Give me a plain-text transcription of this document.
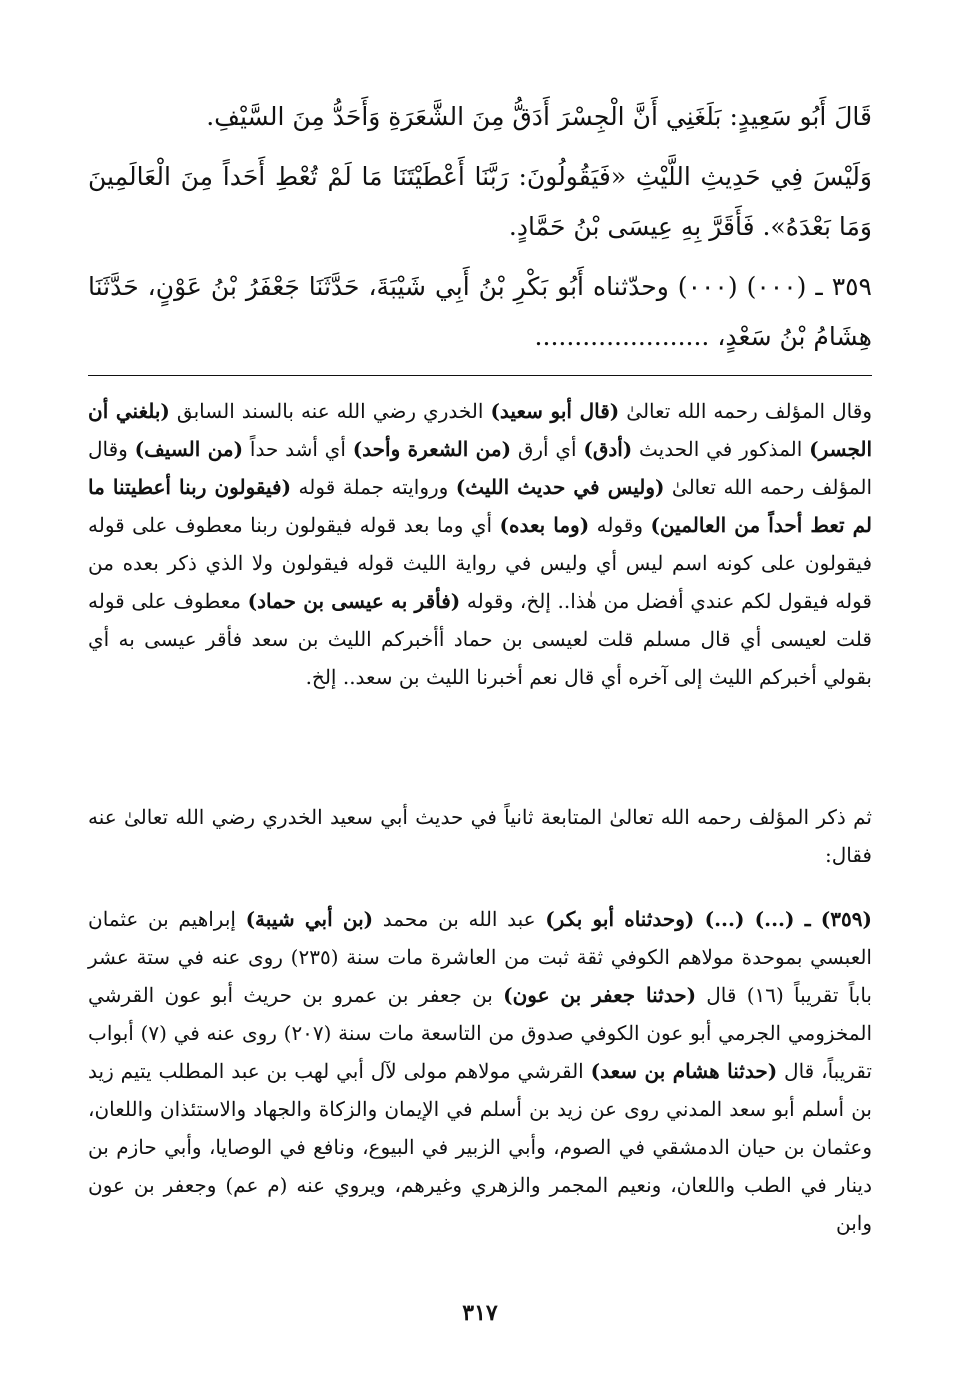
قَالَ أَبُو سَعِيدٍ: بَلَغَنِي أَنَّ الْجِسْرَ أَدَقُّ مِنَ الشَّعَرَةِ وَأَحَدُّ مِنَ السَّيْفِ.

وَلَيْسَ فِي حَدِيثِ اللَّيْثِ «فَيَقُولُونَ: رَبَّنَا أَعْطَيْتَنَا مَا لَمْ تُعْطِ أَحَداً مِنَ الْعَالَمِينَ وَمَا بَعْدَهُ». فَأَقَرَّ بِهِ عِيسَى بْنُ حَمَّادٍ.

٣٥٩ ـ (٠٠٠) (٠٠٠) وحدّثناه أَبُو بَكْرِ بْنُ أَبِي شَيْبَةَ، حَدَّثَنَا جَعْفَرُ بْنُ عَوْنٍ، حَدَّثَنَا هِشَامُ بْنُ سَعْدٍ، ......................

وقال المؤلف رحمه الله تعالىٰ (قال أبو سعيد) الخدري رضي الله عنه بالسند السابق (بلغني أن الجسر) المذكور في الحديث (أدق) أي أرق (من الشعرة وأحد) أي أشد حداً (من السيف) وقال المؤلف رحمه الله تعالىٰ (وليس في حديث الليث) وروايته جملة قوله (فيقولون ربنا أعطيتنا ما لم تعط أحداً من العالمين) وقوله (وما بعده) أي وما بعد قوله فيقولون ربنا معطوف على قوله فيقولون على كونه اسم ليس أي وليس في رواية الليث قوله فيقولون ولا الذي ذكر بعده من قوله فيقول لكم عندي أفضل من هٰذا.. إلخ، وقوله (فأقر به عيسى بن حماد) معطوف على قوله قلت لعيسى أي قال مسلم قلت لعيسى بن حماد أأخبركم الليث بن سعد فأقر عيسى به أي بقولي أخبركم الليث إلى آخره أي قال نعم أخبرنا الليث بن سعد.. إلخ.

ثم ذكر المؤلف رحمه الله تعالىٰ المتابعة ثانياً في حديث أبي سعيد الخدري رضي الله تعالىٰ عنه فقال:

(٣٥٩) ـ (...) (...) (وحدثناه أبو بكر) عبد الله بن محمد (بن أبي شيبة) إبراهيم بن عثمان العبسي بموحدة مولاهم الكوفي ثقة ثبت من العاشرة مات سنة (٢٣٥) روى عنه في ستة عشر باباً تقريباً (١٦) قال (حدثنا جعفر بن عون) بن جعفر بن عمرو بن حريث أبو عون القرشي المخزومي الجرمي أبو عون الكوفي صدوق من التاسعة مات سنة (٢٠٧) روى عنه في (٧) أبواب تقريباً، قال (حدثنا هشام بن سعد) القرشي مولاهم مولى لآل أبي لهب بن عبد المطلب يتيم زيد بن أسلم أبو سعد المدني روى عن زيد بن أسلم في الإيمان والزكاة والجهاد والاستئذان واللعان، وعثمان بن حيان الدمشقي في الصوم، وأبي الزبير في البيوع، ونافع في الوصايا، وأبي حازم بن دينار في الطب واللعان، ونعيم المجمر والزهري وغيرهم، ويروي عنه (م عم) وجعفر بن عون وابن

٣١٧
